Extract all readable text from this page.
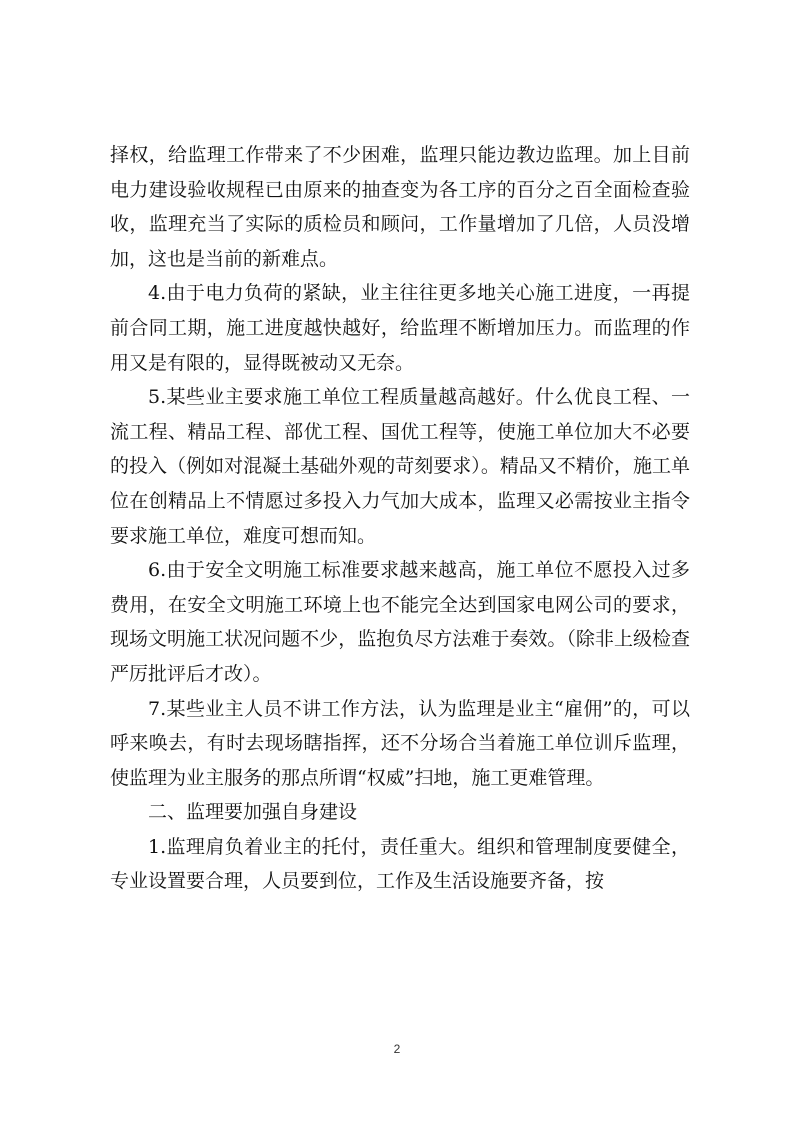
择权，给监理工作带来了不少困难，监理只能边教边监理。加上目前电力建设验收规程已由原来的抽查变为各工序的百分之百全面检查验收，监理充当了实际的质检员和顾问，工作量增加了几倍，人员没增加，这也是当前的新难点。

4.由于电力负荷的紧缺，业主往往更多地关心施工进度，一再提前合同工期，施工进度越快越好，给监理不断增加压力。而监理的作用又是有限的，显得既被动又无奈。

5.某些业主要求施工单位工程质量越高越好。什么优良工程、一流工程、精品工程、部优工程、国优工程等，使施工单位加大不必要的投入（例如对混凝土基础外观的苛刻要求）。精品又不精价，施工单位在创精品上不情愿过多投入力气加大成本，监理又必需按业主指令要求施工单位，难度可想而知。

6.由于安全文明施工标准要求越来越高，施工单位不愿投入过多费用，在安全文明施工环境上也不能完全达到国家电网公司的要求，现场文明施工状况问题不少，监抱负尽方法难于奏效。（除非上级检查严厉批评后才改）。

7.某些业主人员不讲工作方法，认为监理是业主“雇佣”的，可以呼来唤去，有时去现场瞎指挥，还不分场合当着施工单位训斥监理，使监理为业主服务的那点所谓“权威”扫地，施工更难管理。

二、监理要加强自身建设

1.监理肩负着业主的托付，责任重大。组织和管理制度要健全，专业设置要合理，人员要到位，工作及生活设施要齐备，按

2
